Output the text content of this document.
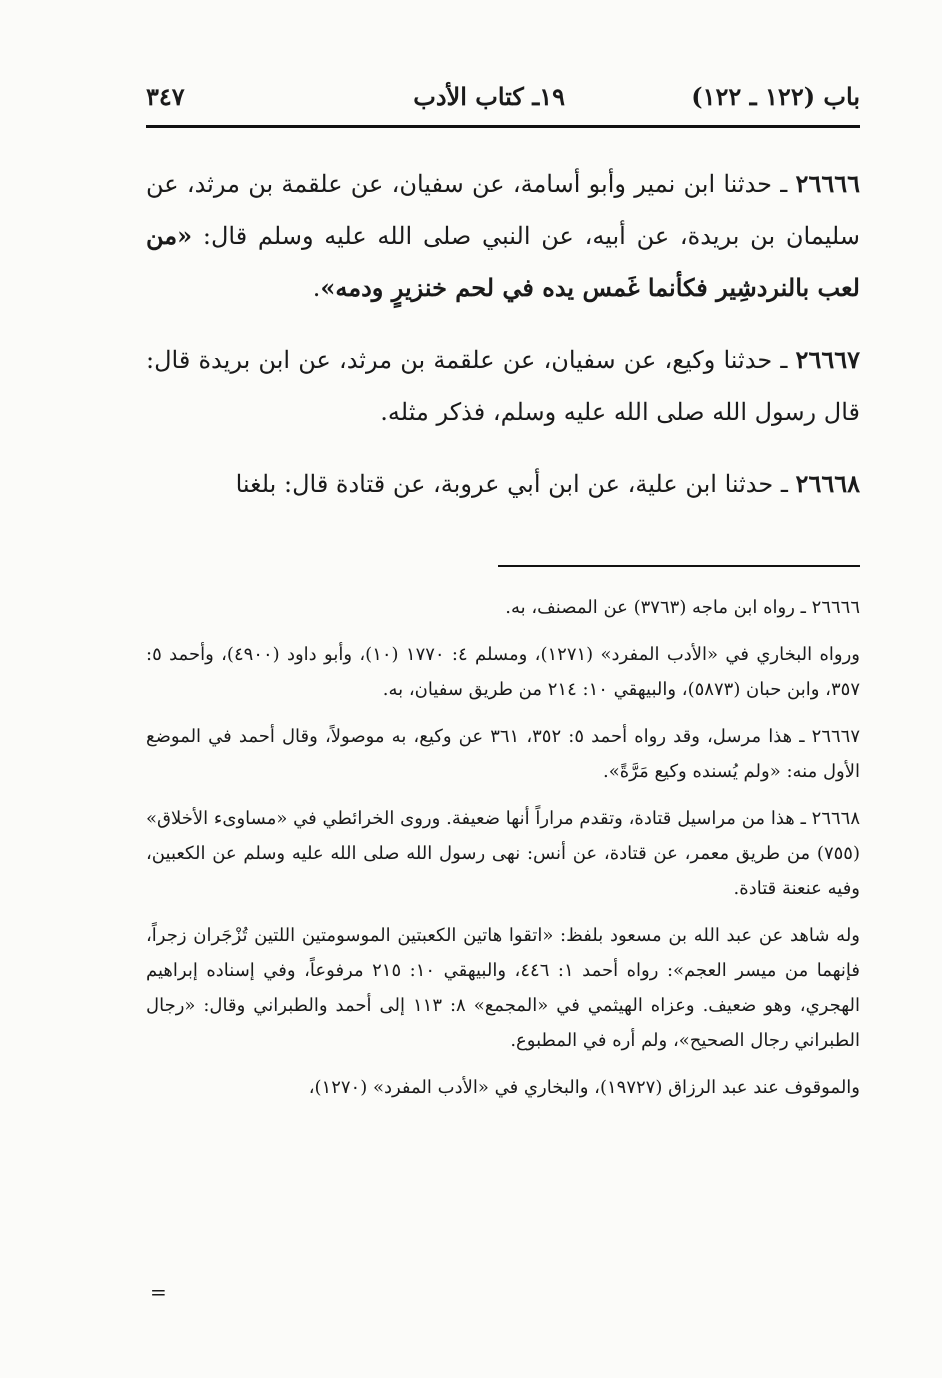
باب (١٢٢ ـ ١٢٢)
١٩ـ كتاب الأدب
٣٤٧

٢٦٦٦٦ ـ حدثنا ابن نمير وأبو أسامة، عن سفيان، عن علقمة بن مرثد، عن سليمان بن بريدة، عن أبيه، عن النبي صلى الله عليه وسلم قال: «من لعب بالنردشِير فكأنما غَمس يده في لحم خنزيرٍ ودمه».

٢٦٦٦٧ ـ حدثنا وكيع، عن سفيان، عن علقمة بن مرثد، عن ابن بريدة قال: قال رسول الله صلى الله عليه وسلم، فذكر مثله.

٢٦٦٦٨ ـ حدثنا ابن علية، عن ابن أبي عروبة، عن قتادة قال: بلغنا

٢٦٦٦٦ ـ رواه ابن ماجه (٣٧٦٣) عن المصنف، به.

ورواه البخاري في «الأدب المفرد» (١٢٧١)، ومسلم ٤: ١٧٧٠ (١٠)، وأبو داود (٤٩٠٠)، وأحمد ٥: ٣٥٧، وابن حبان (٥٨٧٣)، والبيهقي ١٠: ٢١٤ من طريق سفيان، به.

٢٦٦٦٧ ـ هذا مرسل، وقد رواه أحمد ٥: ٣٥٢، ٣٦١ عن وكيع، به موصولاً، وقال أحمد في الموضع الأول منه: «ولم يُسنده وكيع مَرَّةً».

٢٦٦٦٨ ـ هذا من مراسيل قتادة، وتقدم مراراً أنها ضعيفة. وروى الخرائطي في «مساوىء الأخلاق» (٧٥٥) من طريق معمر، عن قتادة، عن أنس: نهى رسول الله صلى الله عليه وسلم عن الكعبين، وفيه عنعنة قتادة.

وله شاهد عن عبد الله بن مسعود بلفظ: «اتقوا هاتين الكعبتين الموسومتين اللتين تُزْجَران زجراً، فإنهما من ميسر العجم»: رواه أحمد ١: ٤٤٦، والبيهقي ١٠: ٢١٥ مرفوعاً، وفي إسناده إبراهيم الهجري، وهو ضعيف. وعزاه الهيثمي في «المجمع» ٨: ١١٣ إلى أحمد والطبراني وقال: «رجال الطبراني رجال الصحيح»، ولم أره في المطبوع.

والموقوف عند عبد الرزاق (١٩٧٢٧)، والبخاري في «الأدب المفرد» (١٢٧٠)،

=
